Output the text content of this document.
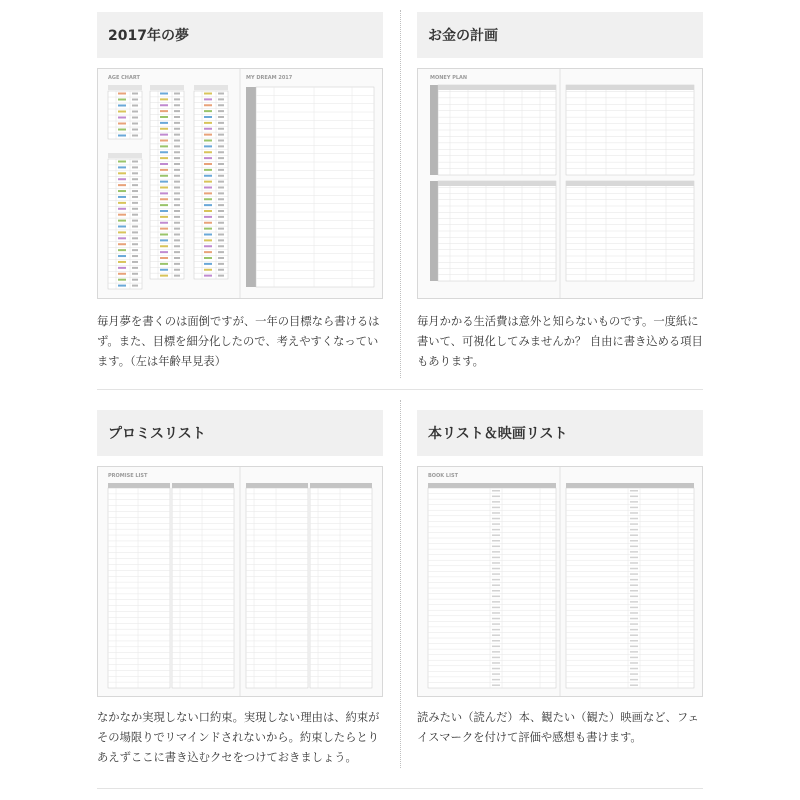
2017年の夢
AGE CHART	MY DREAM 2017
毎月夢を書くのは面倒ですが、一年の目標なら書けるはず。また、目標を細分化したので、考えやすくなっています。（左は年齢早見表）
お金の計画
MONEY PLAN
毎月かかる生活費は意外と知らないものです。一度紙に書いて、可視化してみませんか？ 自由に書き込める項目もあります。
プロミスリスト
PROMISE LIST
なかなか実現しない口約束。実現しない理由は、約束がその場限りでリマインドされないから。約束したらとりあえずここに書き込むクセをつけておきましょう。
本リスト＆映画リスト
BOOK LIST
読みたい（読んだ）本、観たい（観た）映画など、フェイスマークを付けて評価や感想も書けます。
